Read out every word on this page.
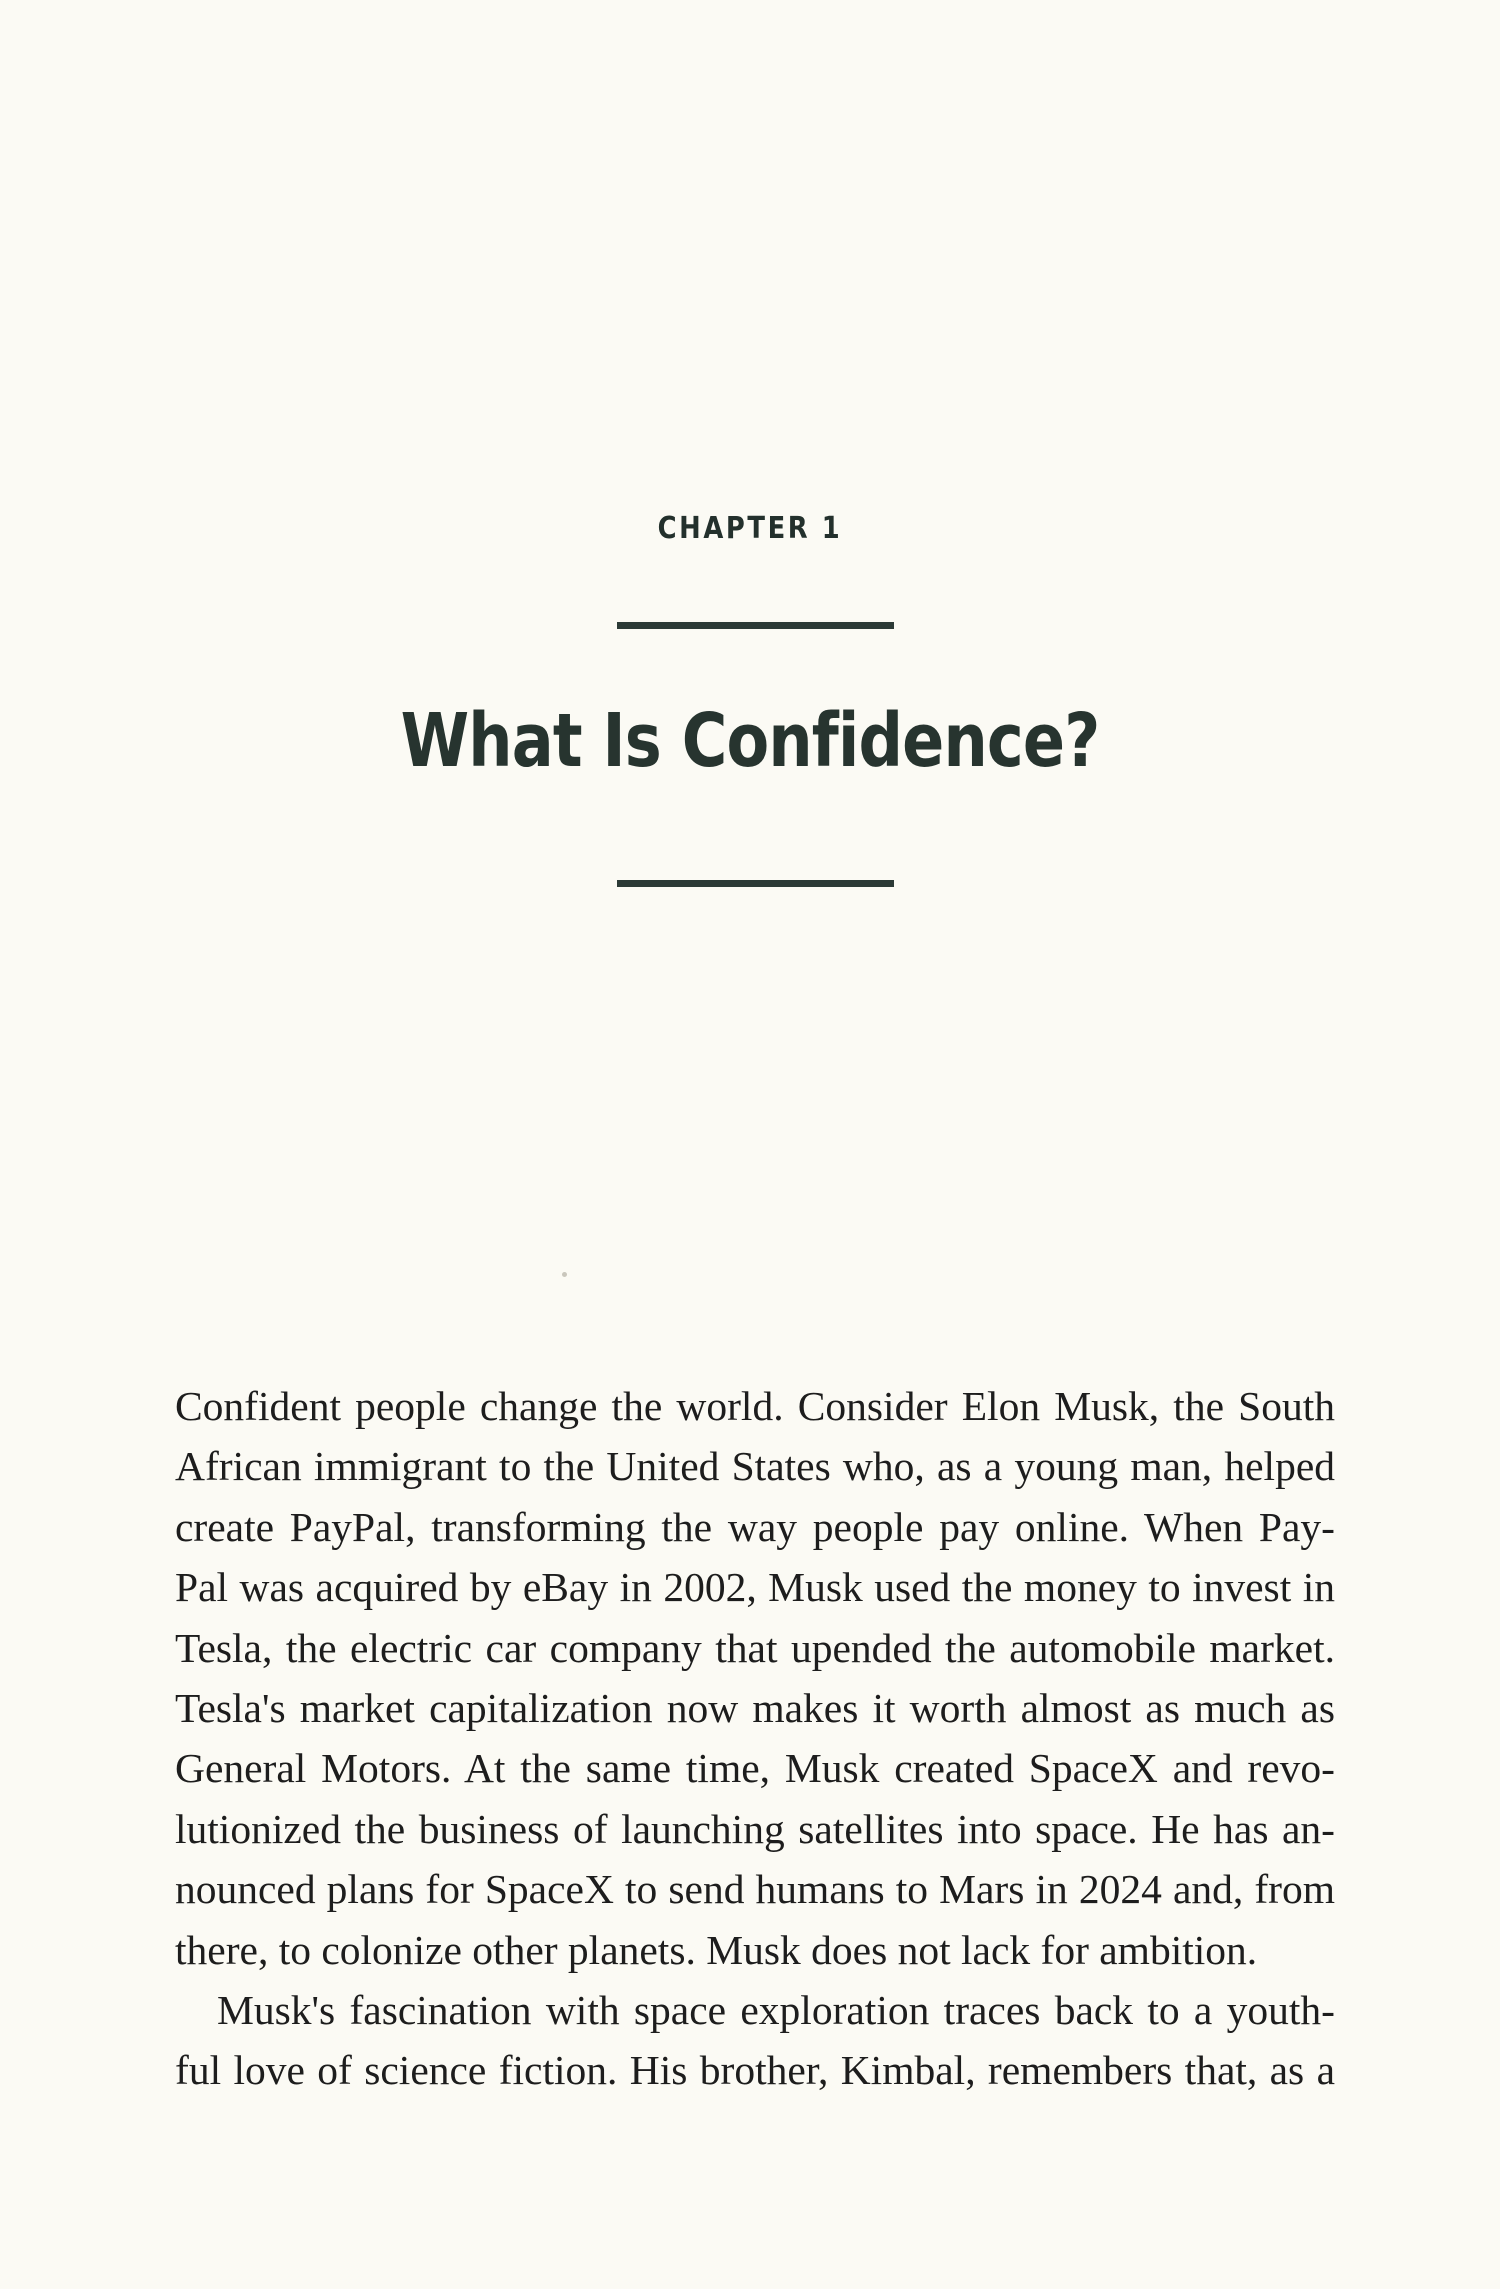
CHAPTER 1
What Is Confidence?
Confident people change the world. Consider Elon Musk, the South
African immigrant to the United States who, as a young man, helped
create PayPal, transforming the way people pay online. When Pay-
Pal was acquired by eBay in 2002, Musk used the money to invest in
Tesla, the electric car company that upended the automobile market.
Tesla's market capitalization now makes it worth almost as much as
General Motors. At the same time, Musk created SpaceX and revo-
lutionized the business of launching satellites into space. He has an-
nounced plans for SpaceX to send humans to Mars in 2024 and, from
there, to colonize other planets. Musk does not lack for ambition.
Musk's fascination with space exploration traces back to a youth-
ful love of science fiction. His brother, Kimbal, remembers that, as a
